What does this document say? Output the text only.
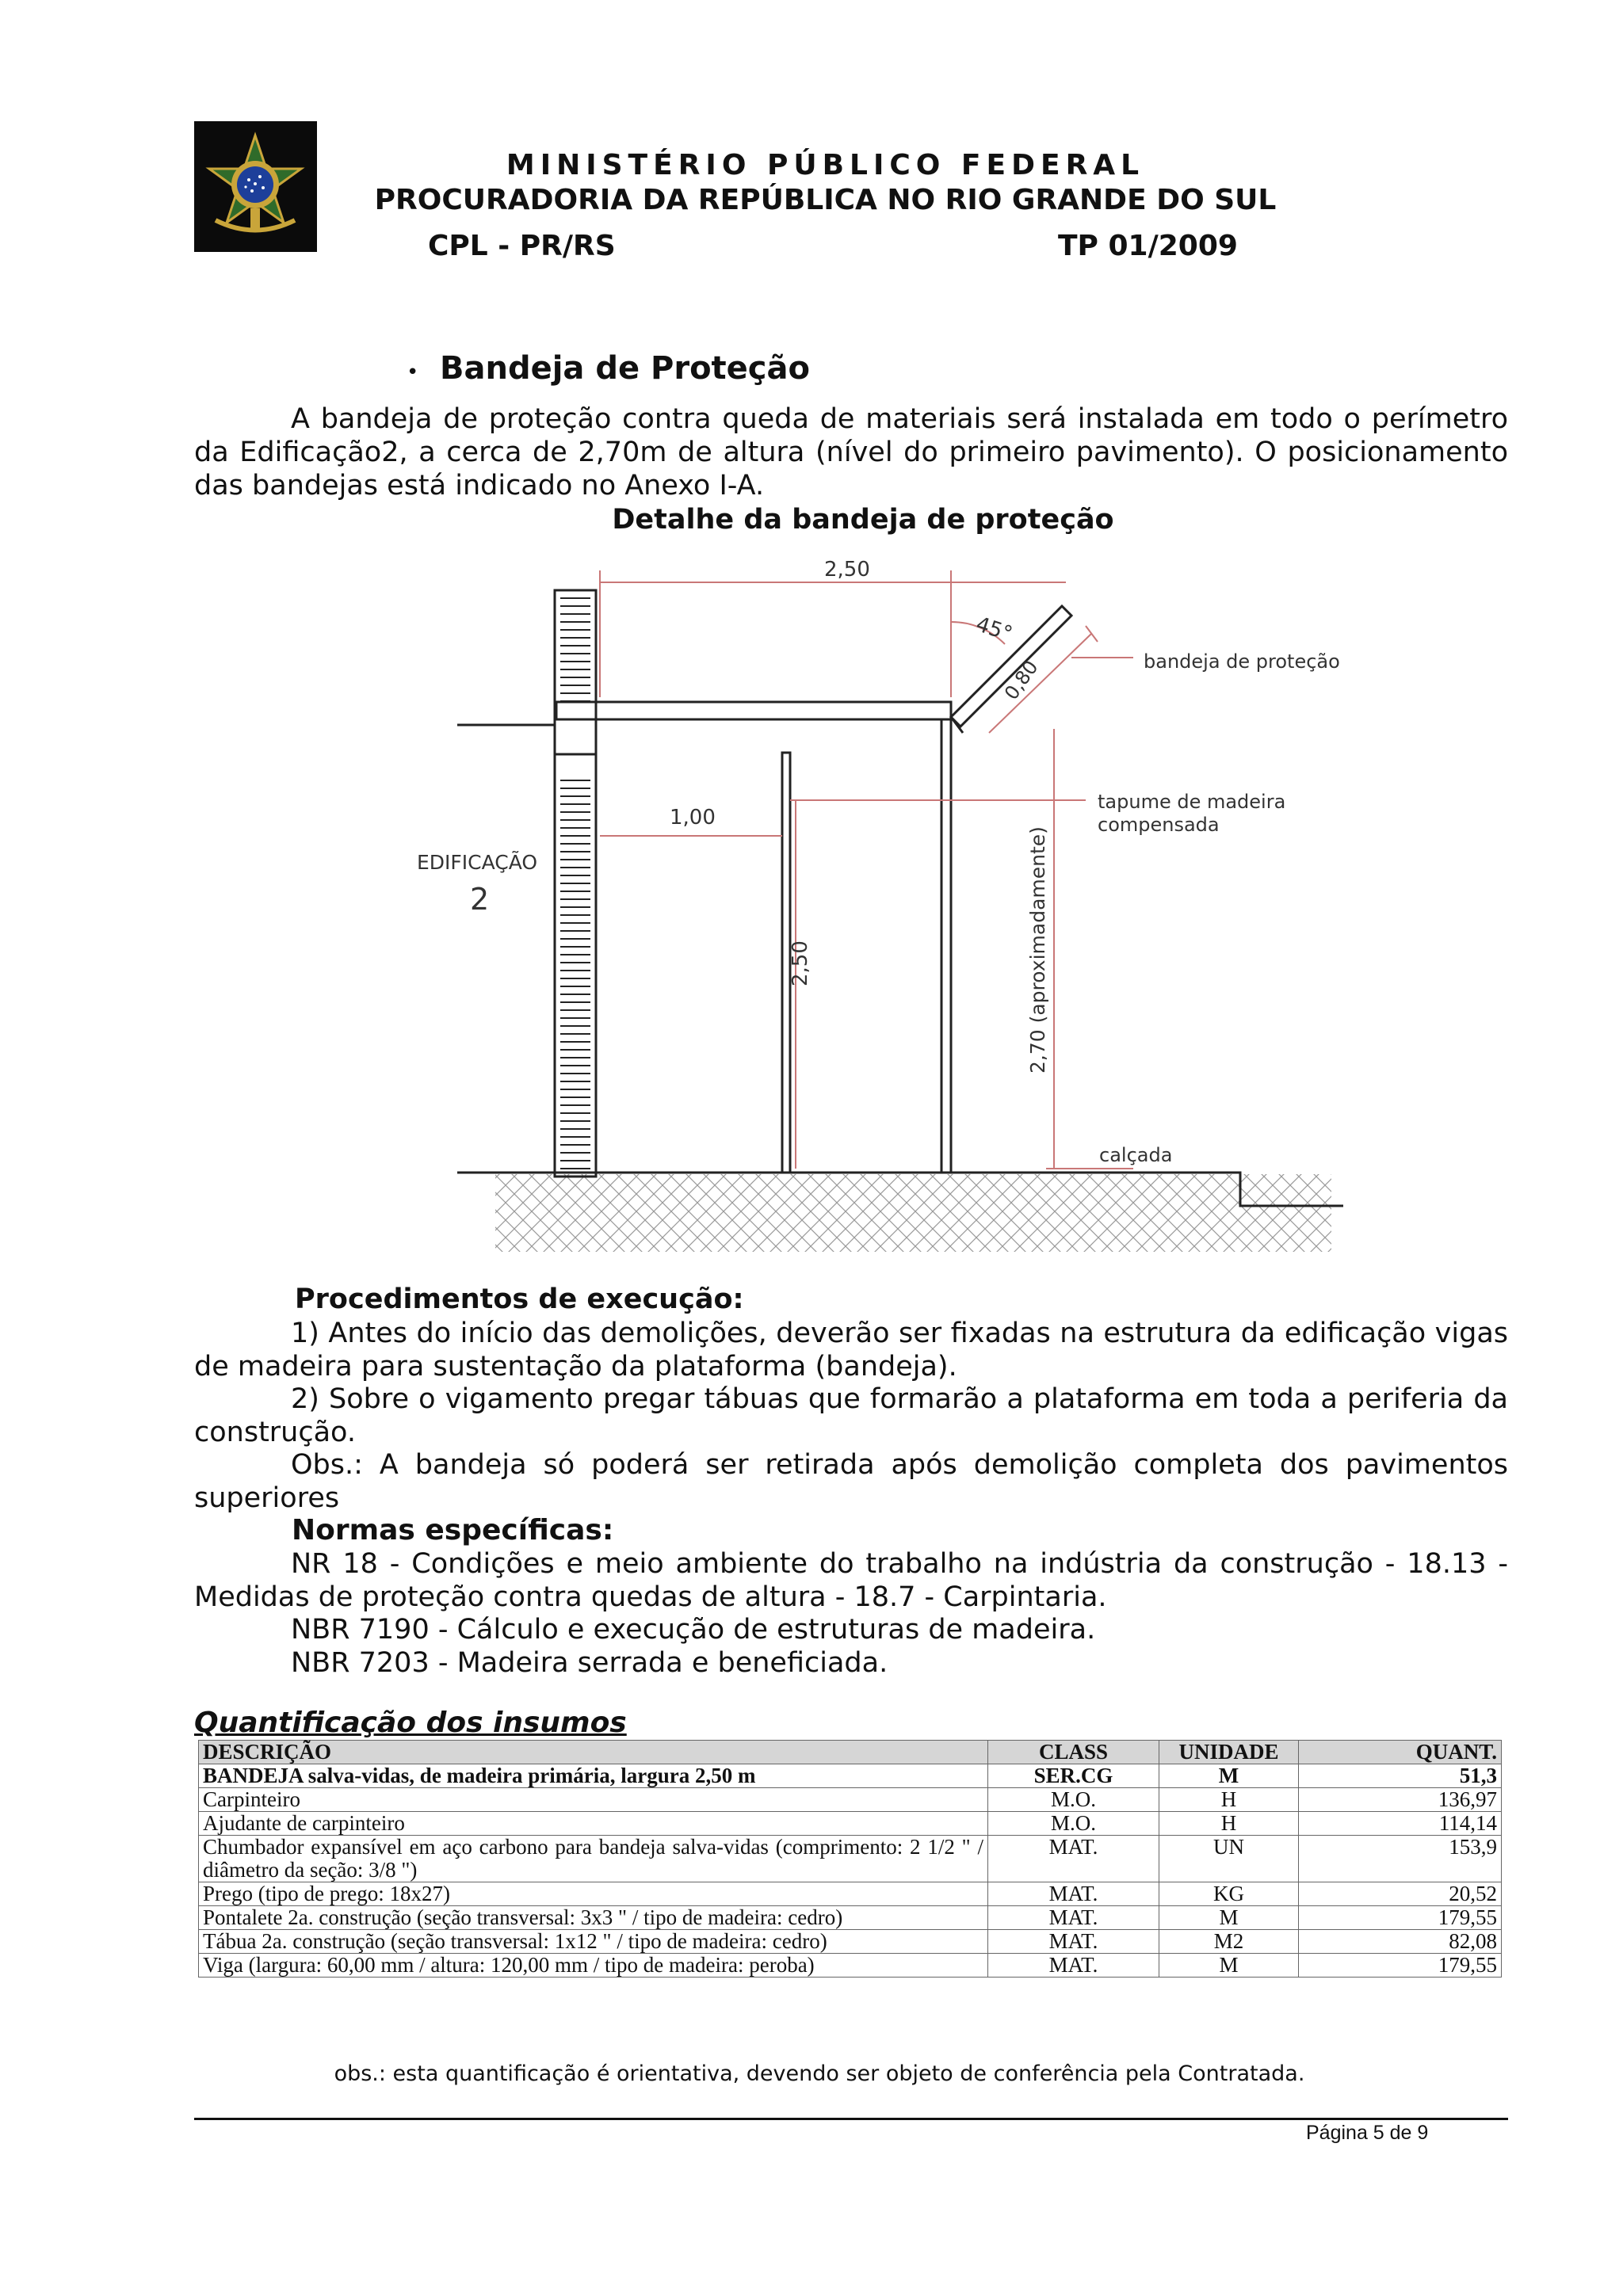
MINISTÉRIO PÚBLICO FEDERAL
PROCURADORIA DA REPÚBLICA NO RIO GRANDE DO SUL
CPL - PR/RS	TP 01/2009
• Bandeja de Proteção
A bandeja de proteção contra queda de materiais será instalada em todo o perímetro da Edificação2, a cerca de 2,70m de altura (nível do primeiro pavimento). O posicionamento das bandejas está indicado no Anexo I-A.
Detalhe da bandeja de proteção
2,50
45°
0,80	bandeja de proteção
tapume de madeira
compensada
1,00
EDIFICAÇÃO
2
2,50	2,70 (aproximadamente)
calçada
Procedimentos de execução:
1) Antes do início das demolições, deverão ser fixadas na estrutura da edificação vigas de madeira para sustentação da plataforma (bandeja).
2) Sobre o vigamento pregar tábuas que formarão a plataforma em toda a periferia da construção.
Obs.: A bandeja só poderá ser retirada após demolição completa dos pavimentos superiores
Normas específicas:
NR 18 - Condições e meio ambiente do trabalho na indústria da construção - 18.13 - Medidas de proteção contra quedas de altura - 18.7 - Carpintaria.
NBR 7190 - Cálculo e execução de estruturas de madeira.
NBR 7203 - Madeira serrada e beneficiada.
Quantificação dos insumos
DESCRIÇÃO	CLASS	UNIDADE	QUANT.
BANDEJA salva-vidas, de madeira primária, largura 2,50 m	SER.CG	M	51,3
Carpinteiro	M.O.	H	136,97
Ajudante de carpinteiro	M.O.	H	114,14
Chumbador expansível em aço carbono para bandeja salva-vidas (comprimento: 2 1/2 " / diâmetro da seção: 3/8 ")	MAT.	UN	153,9
Prego (tipo de prego: 18x27)	MAT.	KG	20,52
Pontalete 2a. construção (seção transversal: 3x3 " / tipo de madeira: cedro)	MAT.	M	179,55
Tábua 2a. construção (seção transversal: 1x12 " / tipo de madeira: cedro)	MAT.	M2	82,08
Viga (largura: 60,00 mm / altura: 120,00 mm / tipo de madeira: peroba)	MAT.	M	179,55
obs.: esta quantificação é orientativa, devendo ser objeto de conferência pela Contratada.
Página 5 de 9
